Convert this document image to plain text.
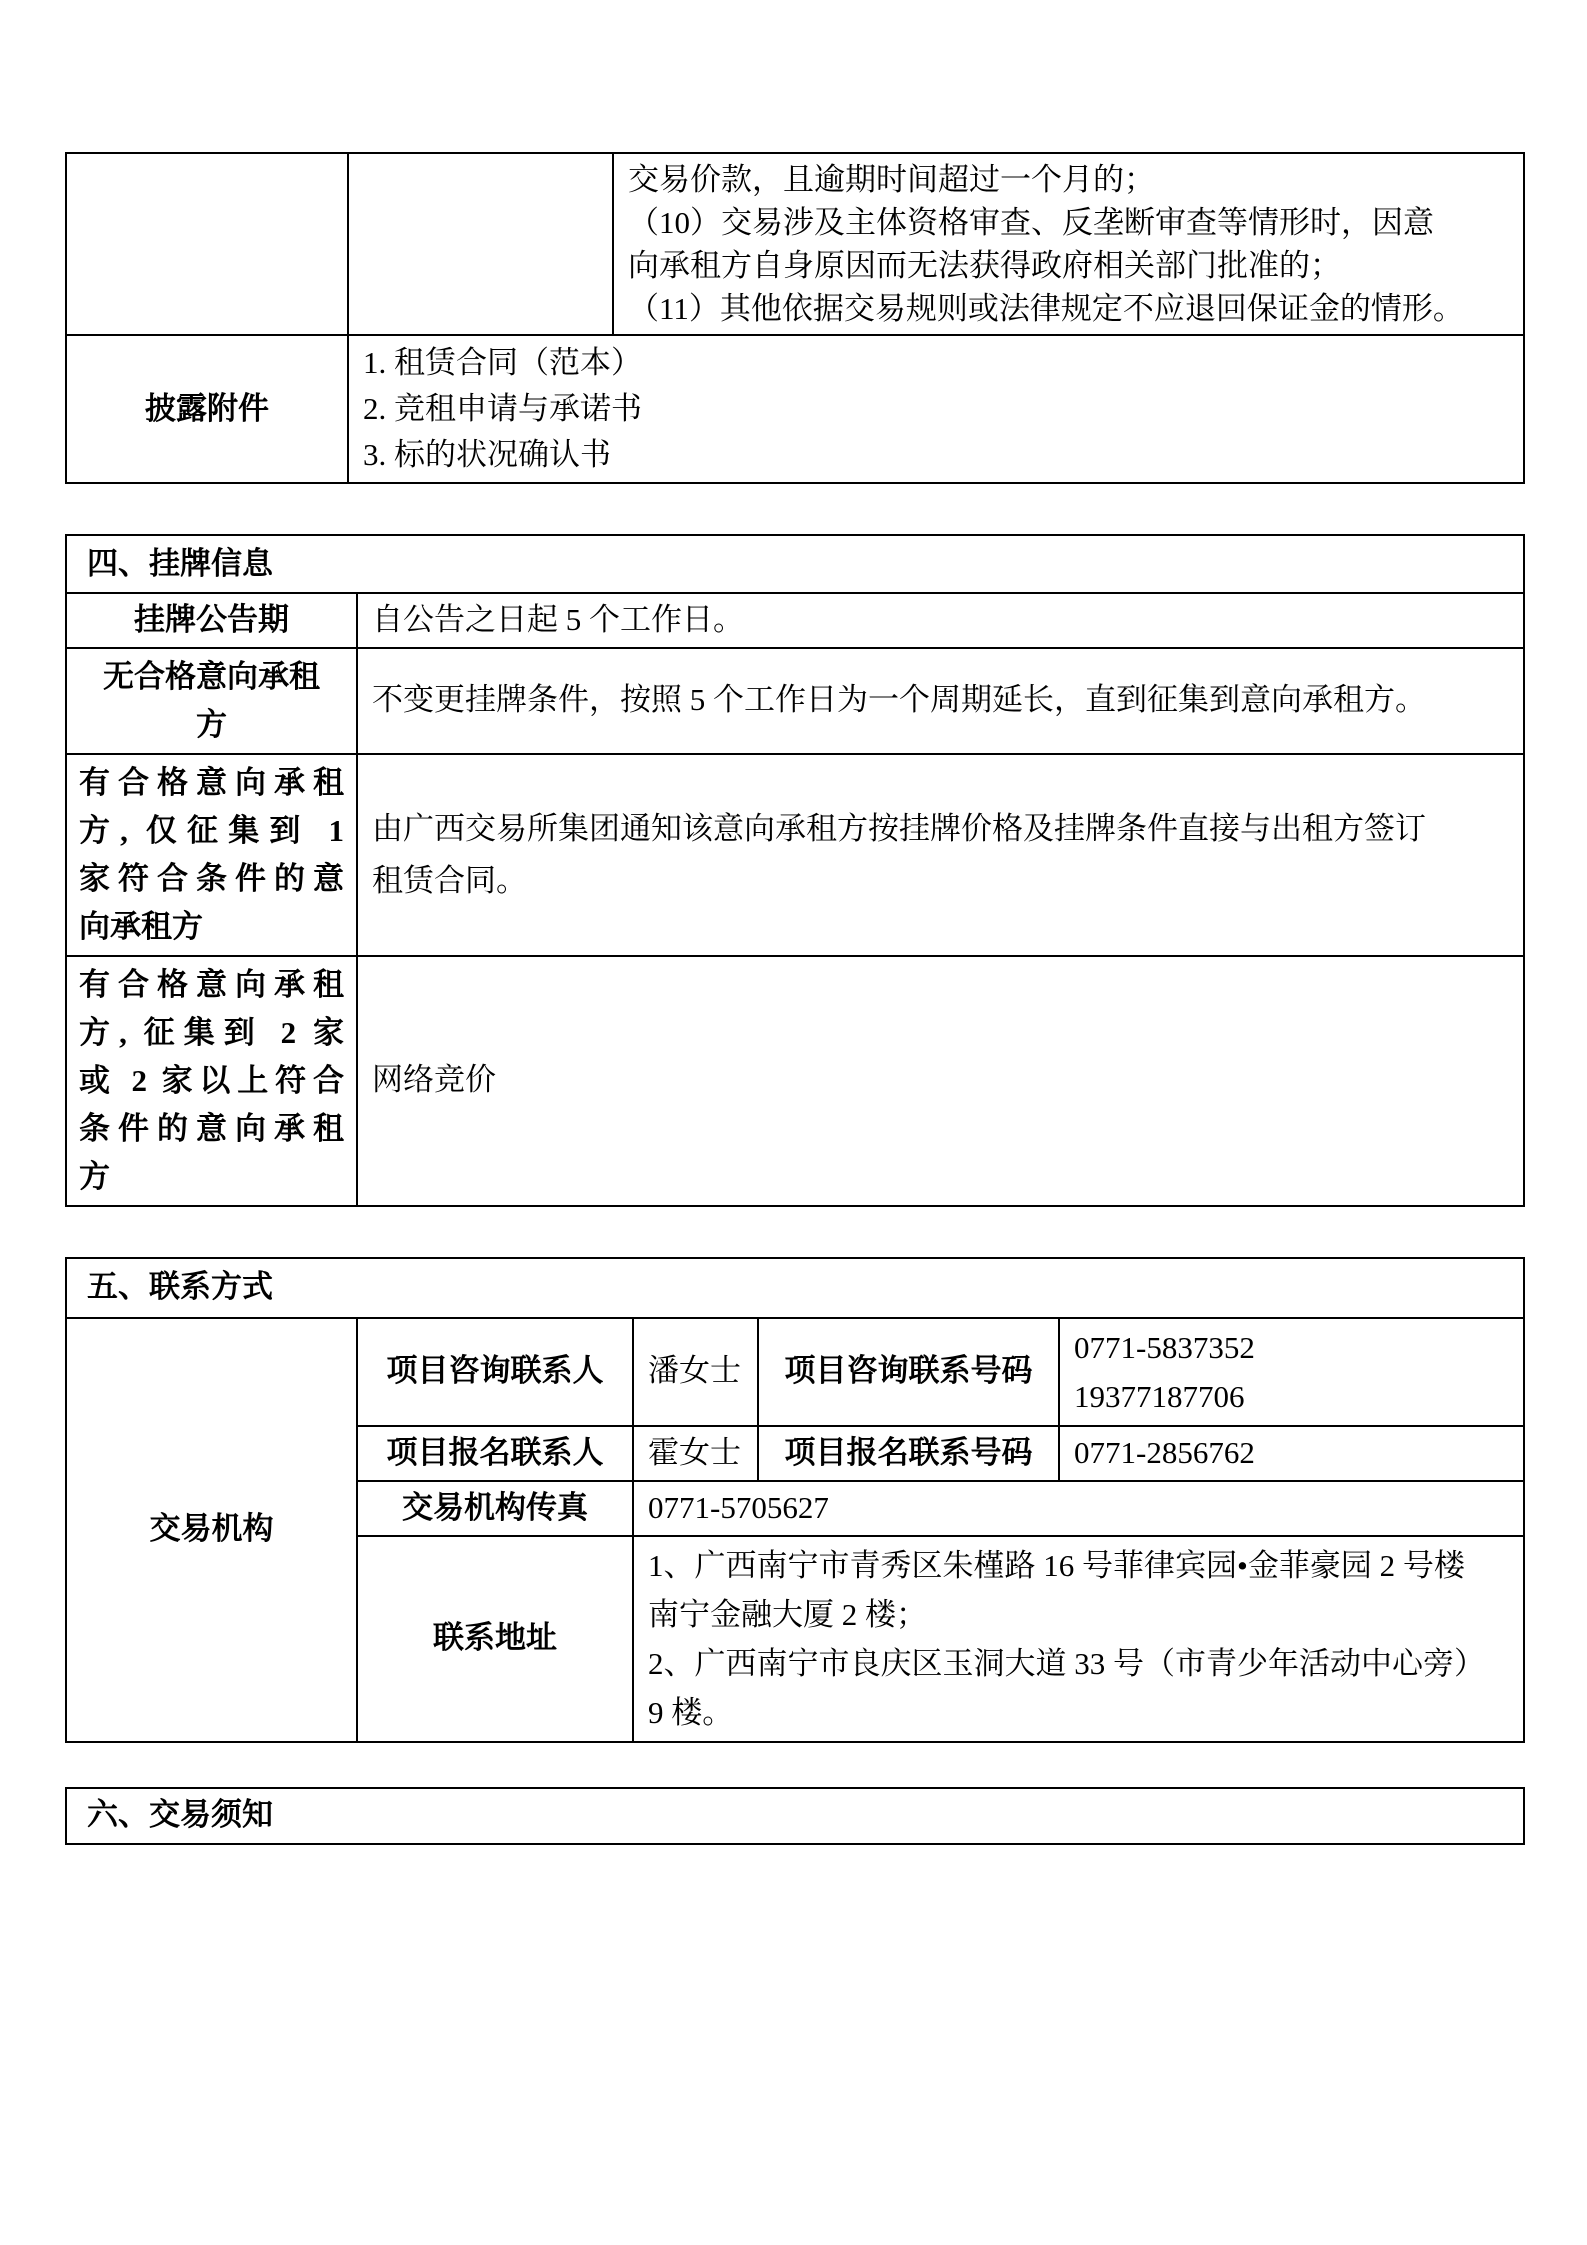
		交易价款，且逾期时间超过一个月的；
（10）交易涉及主体资格审查、反垄断审查等情形时，因意
向承租方自身原因而无法获得政府相关部门批准的；
（11）其他依据交易规则或法律规定不应退回保证金的情形。

披露附件	1. 租赁合同（范本）
2. 竞租申请与承诺书
3. 标的状况确认书	
四、挂牌信息	
挂牌公告期	自公告之日起 5 个工作日。

无合格意向承租
方	不变更挂牌条件，按照 5 个工作日为一个周期延长，直到征集到意向承租方。

有合格意向承租
方, 仅征集到 1
家符合条件的意
向承租方

由广西交易所集团通知该意向承租方按挂牌价格及挂牌条件直接与出租方签订
租赁合同。

有合格意向承租
方, 征集到 2 家
或 2 家以上符合
条件的意向承租
方	网络竞价
五、联系方式				
交易机构	项目咨询联系人	潘女士	项目咨询联系号码	0771-5837352
19377187706

	项目报名联系人	霍女士	项目报名联系号码	0771-2856762
	交易机构传真	0771-5705627		
	联系地址	1、广西南宁市青秀区朱槿路 16 号菲律宾园•金菲豪园 2 号楼
南宁金融大厦 2 楼；
2、广西南宁市良庆区玉洞大道 33 号（市青少年活动中心旁）
9 楼。		
六、交易须知
